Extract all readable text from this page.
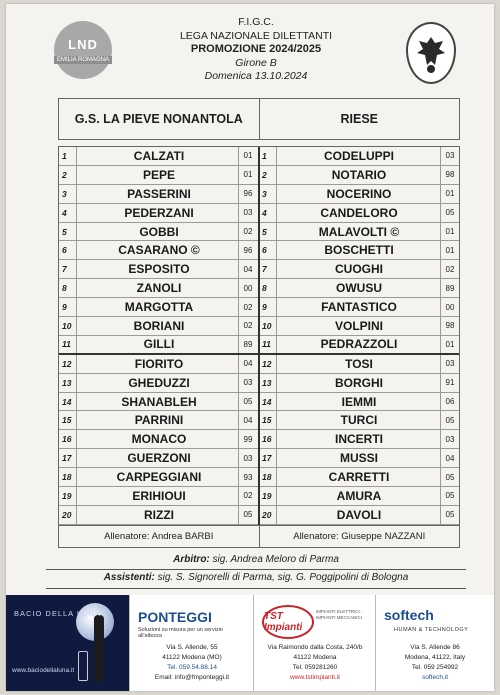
LND
EMILIA ROMAGNA
F.I.G.C.
LEGA NAZIONALE DILETTANTI
PROMOZIONE 2024/2025
Girone B
Domenica 13.10.2024
G.S. LA PIEVE NONANTOLA	RIESE
1	CALZATI	01
2	PEPE	01
3	PASSERINI	96
4	PEDERZANI	03
5	GOBBI	02
6	CASARANO ©	96
7	ESPOSITO	04
8	ZANOLI	00
9	MARGOTTA	02
10	BORIANI	02
11	GILLI	89
12	FIORITO	04
13	GHEDUZZI	03
14	SHANABLEH	05
15	PARRINI	04
16	MONACO	99
17	GUERZONI	03
18	CARPEGGIANI	93
19	ERIHIOUI	02
20	RIZZI	05
1	CODELUPPI	03
2	NOTARIO	98
3	NOCERINO	01
4	CANDELORO	05
5	MALAVOLTI ©	01
6	BOSCHETTI	01
7	CUOGHI	02
8	OWUSU	89
9	FANTASTICO	00
10	VOLPINI	98
11	PEDRAZZOLI	01
12	TOSI	03
13	BORGHI	91
14	IEMMI	06
15	TURCI	05
16	INCERTI	03
17	MUSSI	04
18	CARRETTI	05
19	AMURA	05
20	DAVOLI	05
Allenatore: Andrea BARBI	Allenatore: Giuseppe NAZZANI
Arbitro: sig. Andrea Meloro di Parma
Assistenti: sig. S. Signorelli di Parma, sig. G. Poggipolini di Bologna
BACIO DELLA LUNA
www.baciodellaluna.it
PONTEGGI
Soluzioni su misura per un servizio all'altezza
Via S. Allende, 55
41122 Modena (MO)
Tel. 059.54.88.14
Email: info@fmponteggi.it
TST Impianti
IMPIANTI ELETTRICI - IMPIANTI MECCANICI
Via Raimondo dalla Costa, 240/b
41122 Modena
Tel. 059281260
www.tstimpianti.it
softech
HUMAN & TECHNOLOGY
Via S. Allende 86
Modena, 41122, Italy
Tel. 059 254992
softech.it
